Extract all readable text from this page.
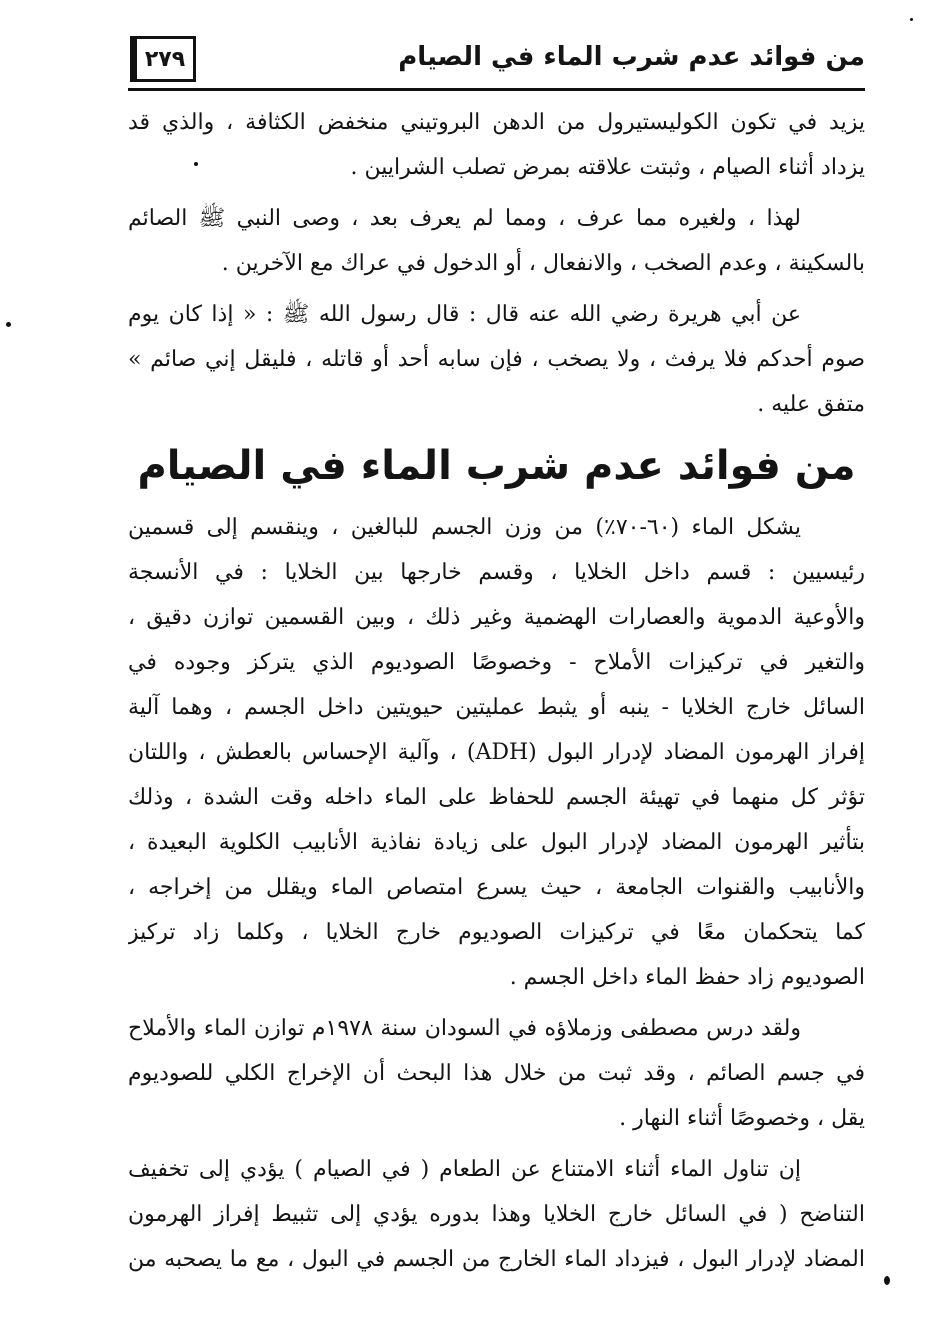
٢٧٩	من فوائد عدم شرب الماء في الصيام
يزيد في تكون الكوليستيرول من الدهن البروتيني منخفض الكثافة ، والذي قد
يزداد أثناء الصيام ، وثبتت علاقته بمرض تصلب الشرايين .
لهذا ، ولغيره مما عرف ، ومما لم يعرف بعد ، وصى النبي ﷺ الصائم
بالسكينة ، وعدم الصخب ، والانفعال ، أو الدخول في عراك مع الآخرين .
عن أبي هريرة رضي الله عنه قال : قال رسول الله ﷺ : « إذا كان يوم
صوم أحدكم فلا يرفث ، ولا يصخب ، فإن سابه أحد أو قاتله ، فليقل إني صائم »
متفق عليه .
من فوائد عدم شرب الماء في الصيام
يشكل الماء (٦٠-٧٠٪) من وزن الجسم للبالغين ، وينقسم إلى قسمين
رئيسيين : قسم داخل الخلايا ، وقسم خارجها بين الخلايا : في الأنسجة
والأوعية الدموية والعصارات الهضمية وغير ذلك ، وبين القسمين توازن دقيق ،
والتغير في تركيزات الأملاح - وخصوصًا الصوديوم الذي يتركز وجوده في
السائل خارج الخلايا - ينبه أو يثبط عمليتين حيويتين داخل الجسم ، وهما آلية
إفراز الهرمون المضاد لإدرار البول (ADH) ، وآلية الإحساس بالعطش ، واللتان
تؤثر كل منهما في تهيئة الجسم للحفاظ على الماء داخله وقت الشدة ، وذلك
بتأثير الهرمون المضاد لإدرار البول على زيادة نفاذية الأنابيب الكلوية البعيدة ،
والأنابيب والقنوات الجامعة ، حيث يسرع امتصاص الماء ويقلل من إخراجه ،
كما يتحكمان معًا في تركيزات الصوديوم خارج الخلايا ، وكلما زاد تركيز
الصوديوم زاد حفظ الماء داخل الجسم .
ولقد درس مصطفى وزملاؤه في السودان سنة ١٩٧٨م توازن الماء والأملاح
في جسم الصائم ، وقد ثبت من خلال هذا البحث أن الإخراج الكلي للصوديوم
يقل ، وخصوصًا أثناء النهار .
إن تناول الماء أثناء الامتناع عن الطعام ( في الصيام ) يؤدي إلى تخفيف
التناضح ( في السائل خارج الخلايا وهذا بدوره يؤدي إلى تثبيط إفراز الهرمون
المضاد لإدرار البول ، فيزداد الماء الخارج من الجسم في البول ، مع ما يصحبه من
